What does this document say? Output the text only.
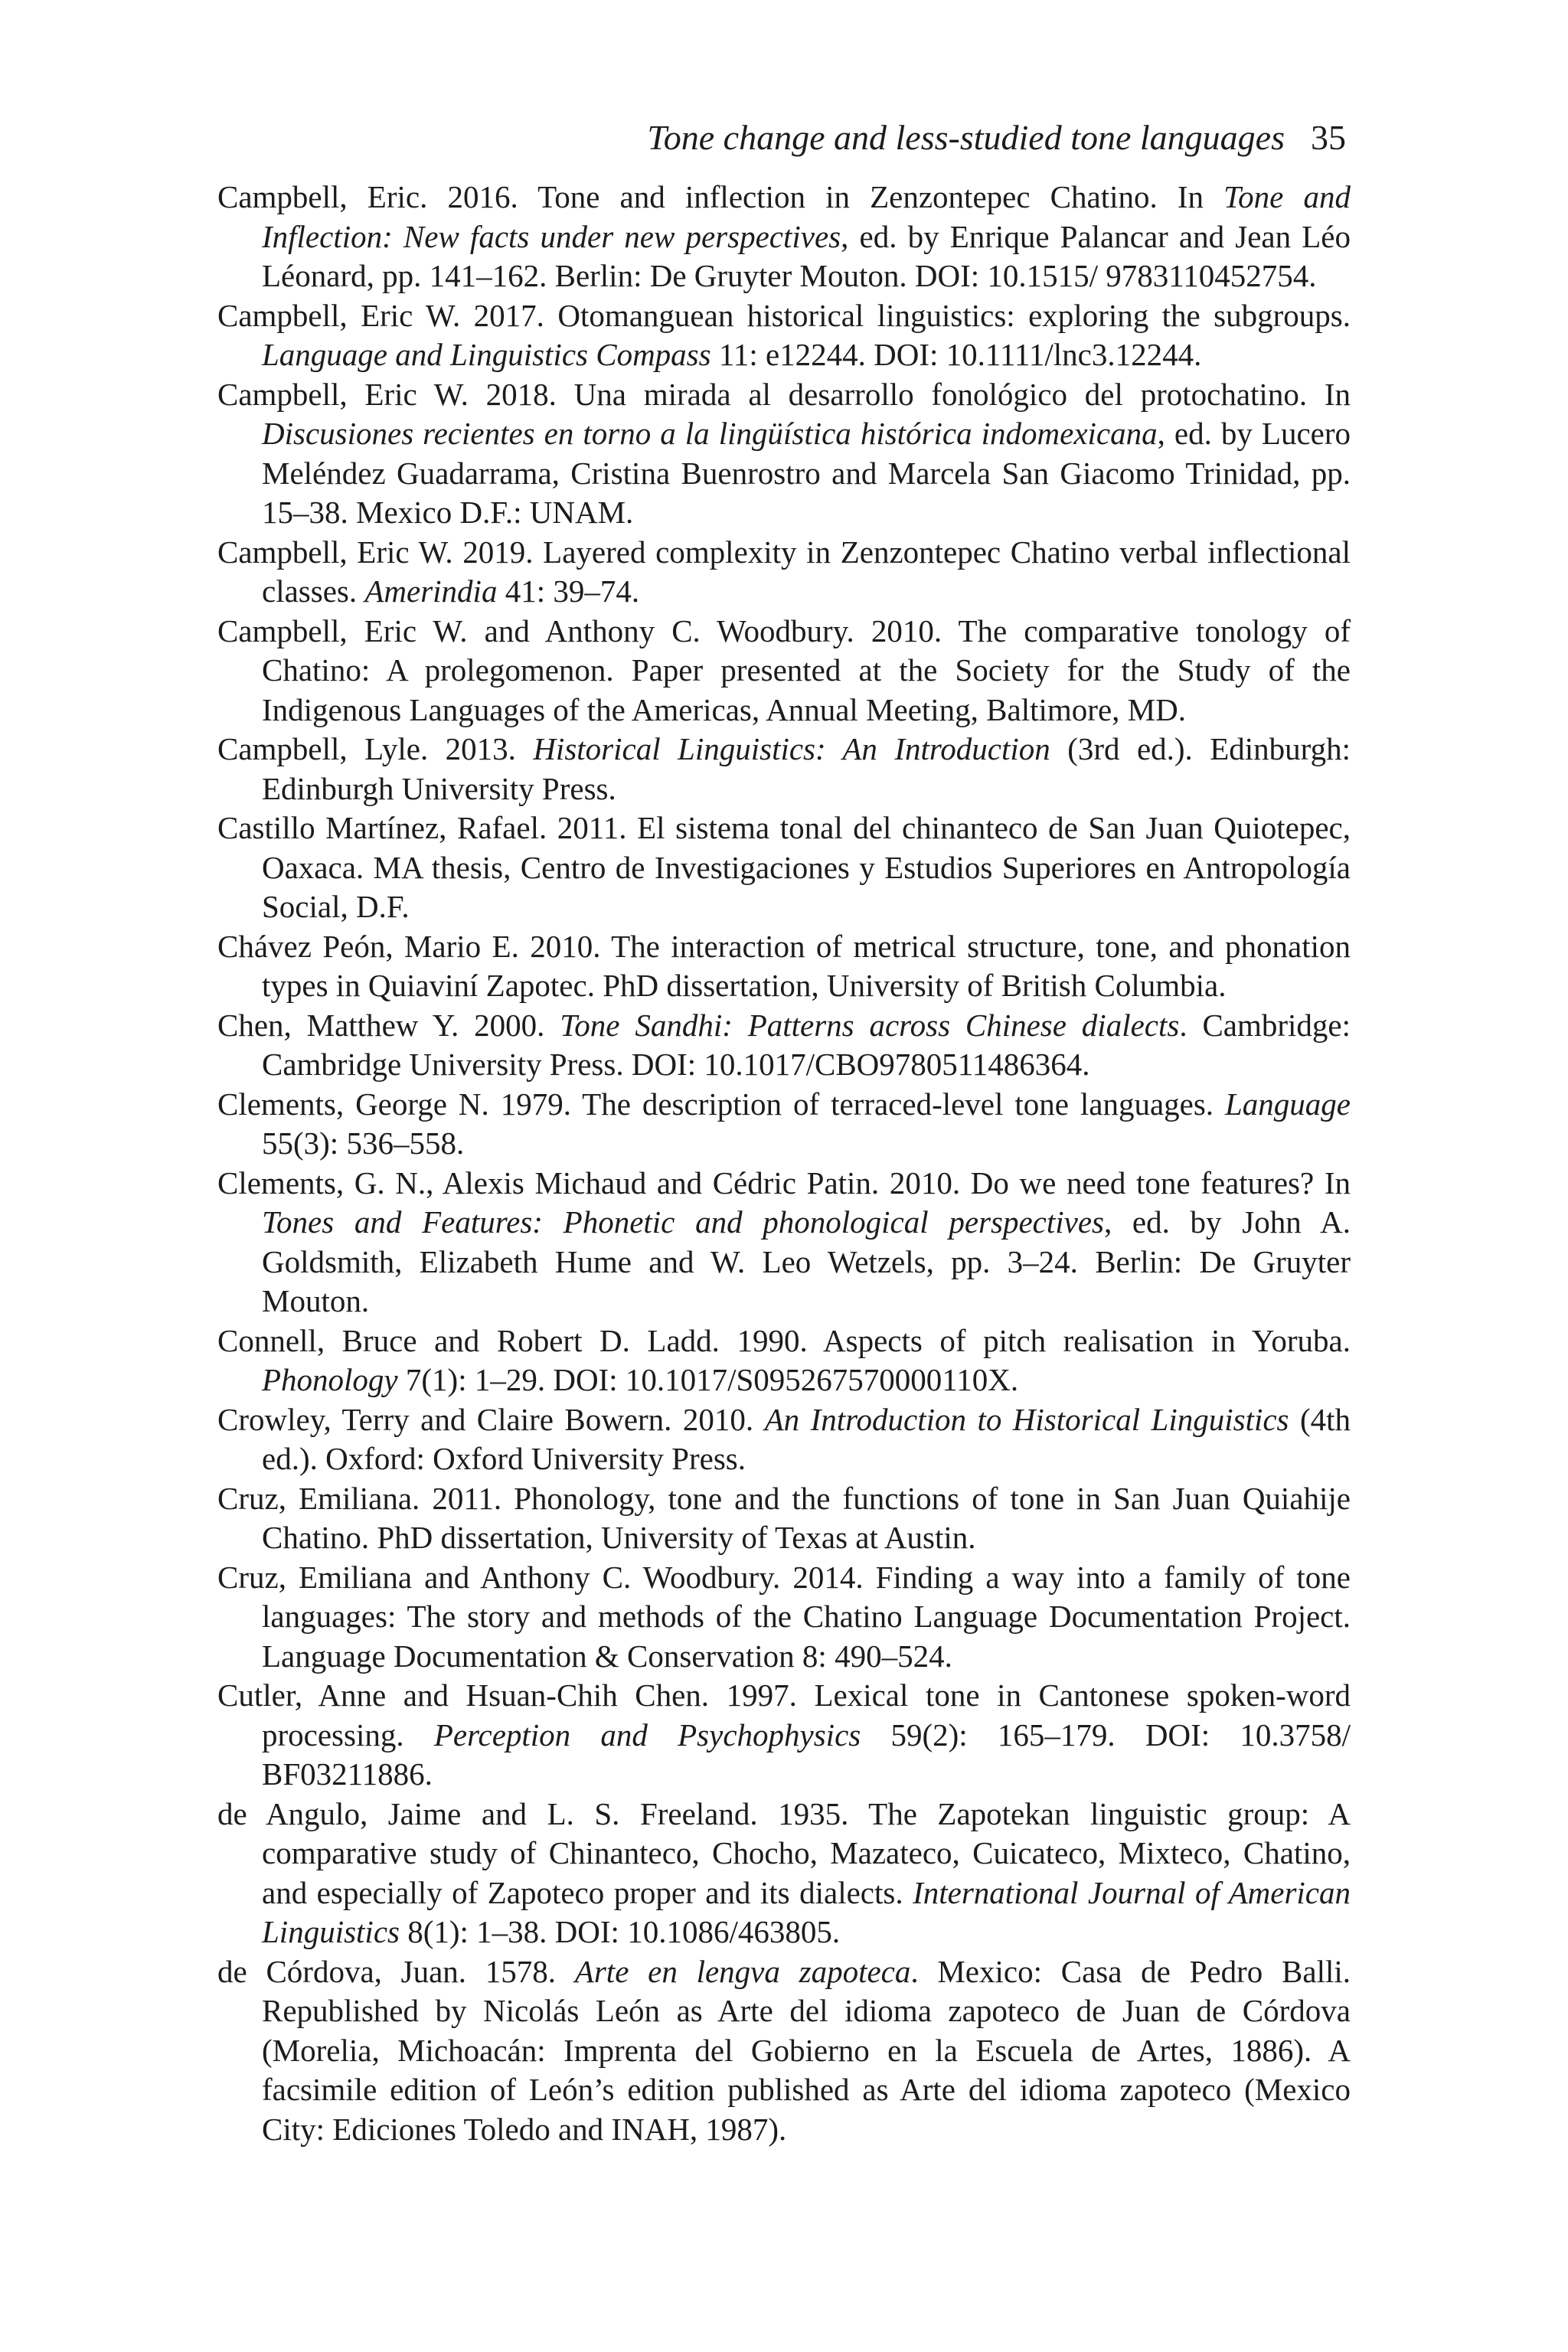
Tone change and less-studied tone languages 35

Campbell, Eric. 2016. Tone and inflection in Zenzontepec Chatino. In Tone and Inflection: New facts under new perspectives, ed. by Enrique Palancar and Jean Léo Léonard, pp. 141–162. Berlin: De Gruyter Mouton. DOI: 10.1515/ 9783110452754.

Campbell, Eric W. 2017. Otomanguean historical linguistics: exploring the subgroups. Language and Linguistics Compass 11: e12244. DOI: 10.1111/lnc3.12244.

Campbell, Eric W. 2018. Una mirada al desarrollo fonológico del protochatino. In Discusiones recientes en torno a la lingüística histórica indomexicana, ed. by Lucero Meléndez Guadarrama, Cristina Buenrostro and Marcela San Giacomo Trinidad, pp. 15–38. Mexico D.F.: UNAM.

Campbell, Eric W. 2019. Layered complexity in Zenzontepec Chatino verbal inflectional classes. Amerindia 41: 39–74.

Campbell, Eric W. and Anthony C. Woodbury. 2010. The comparative tonology of Chatino: A prolegomenon. Paper presented at the Society for the Study of the Indigenous Languages of the Americas, Annual Meeting, Baltimore, MD.

Campbell, Lyle. 2013. Historical Linguistics: An Introduction (3rd ed.). Edinburgh: Edinburgh University Press.

Castillo Martínez, Rafael. 2011. El sistema tonal del chinanteco de San Juan Quiotepec, Oaxaca. MA thesis, Centro de Investigaciones y Estudios Superiores en Antropología Social, D.F.

Chávez Peón, Mario E. 2010. The interaction of metrical structure, tone, and phonation types in Quiaviní Zapotec. PhD dissertation, University of British Columbia.

Chen, Matthew Y. 2000. Tone Sandhi: Patterns across Chinese dialects. Cambridge: Cambridge University Press. DOI: 10.1017/CBO9780511486364.

Clements, George N. 1979. The description of terraced-level tone languages. Language 55(3): 536–558.

Clements, G. N., Alexis Michaud and Cédric Patin. 2010. Do we need tone features? In Tones and Features: Phonetic and phonological perspectives, ed. by John A. Goldsmith, Elizabeth Hume and W. Leo Wetzels, pp. 3–24. Berlin: De Gruyter Mouton.

Connell, Bruce and Robert D. Ladd. 1990. Aspects of pitch realisation in Yoruba. Phonology 7(1): 1–29. DOI: 10.1017/S095267570000110X.

Crowley, Terry and Claire Bowern. 2010. An Introduction to Historical Linguistics (4th ed.). Oxford: Oxford University Press.

Cruz, Emiliana. 2011. Phonology, tone and the functions of tone in San Juan Quiahije Chatino. PhD dissertation, University of Texas at Austin.

Cruz, Emiliana and Anthony C. Woodbury. 2014. Finding a way into a family of tone languages: The story and methods of the Chatino Language Documentation Project. Language Documentation & Conservation 8: 490–524.

Cutler, Anne and Hsuan-Chih Chen. 1997. Lexical tone in Cantonese spoken-word processing. Perception and Psychophysics 59(2): 165–179. DOI: 10.3758/ BF03211886.

de Angulo, Jaime and L. S. Freeland. 1935. The Zapotekan linguistic group: A comparative study of Chinanteco, Chocho, Mazateco, Cuicateco, Mixteco, Chatino, and especially of Zapoteco proper and its dialects. International Journal of American Linguistics 8(1): 1–38. DOI: 10.1086/463805.

de Córdova, Juan. 1578. Arte en lengva zapoteca. Mexico: Casa de Pedro Balli. Republished by Nicolás León as Arte del idioma zapoteco de Juan de Córdova (Morelia, Michoacán: Imprenta del Gobierno en la Escuela de Artes, 1886). A facsimile edition of León’s edition published as Arte del idioma zapoteco (Mexico City: Ediciones Toledo and INAH, 1987).
